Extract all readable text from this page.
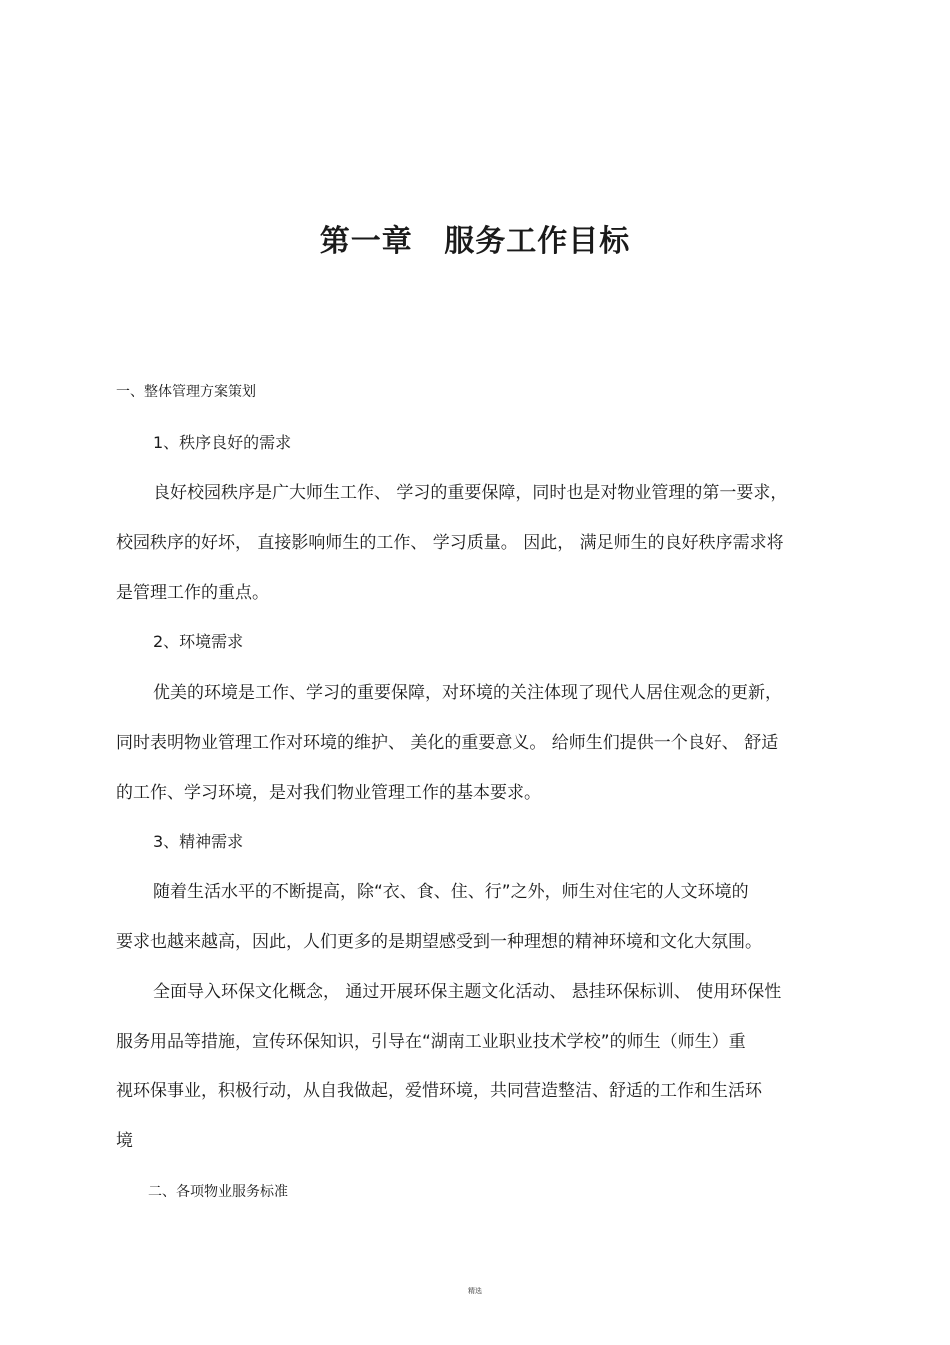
第一章 服务工作目标
一、整体管理方案策划
1、秩序良好的需求
良好校园秩序是广大师生工作、 学习的重要保障，同时也是对物业管理的第一要求，
校园秩序的好坏， 直接影响师生的工作、 学习质量。 因此， 满足师生的良好秩序需求将
是管理工作的重点。
2、环境需求
优美的环境是工作、学习的重要保障，对环境的关注体现了现代人居住观念的更新，
同时表明物业管理工作对环境的维护、 美化的重要意义。 给师生们提供一个良好、 舒适
的工作、学习环境，是对我们物业管理工作的基本要求。
3、精神需求
随着生活水平的不断提高，除“衣、食、住、行”之外，师生对住宅的人文环境的
要求也越来越高，因此，人们更多的是期望感受到一种理想的精神环境和文化大氛围。
全面导入环保文化概念， 通过开展环保主题文化活动、 悬挂环保标训、 使用环保性
服务用品等措施，宣传环保知识，引导在“湖南工业职业技术学校”的师生（师生）重
视环保事业，积极行动，从自我做起，爱惜环境，共同营造整洁、舒适的工作和生活环
境
二、各项物业服务标准
精选
